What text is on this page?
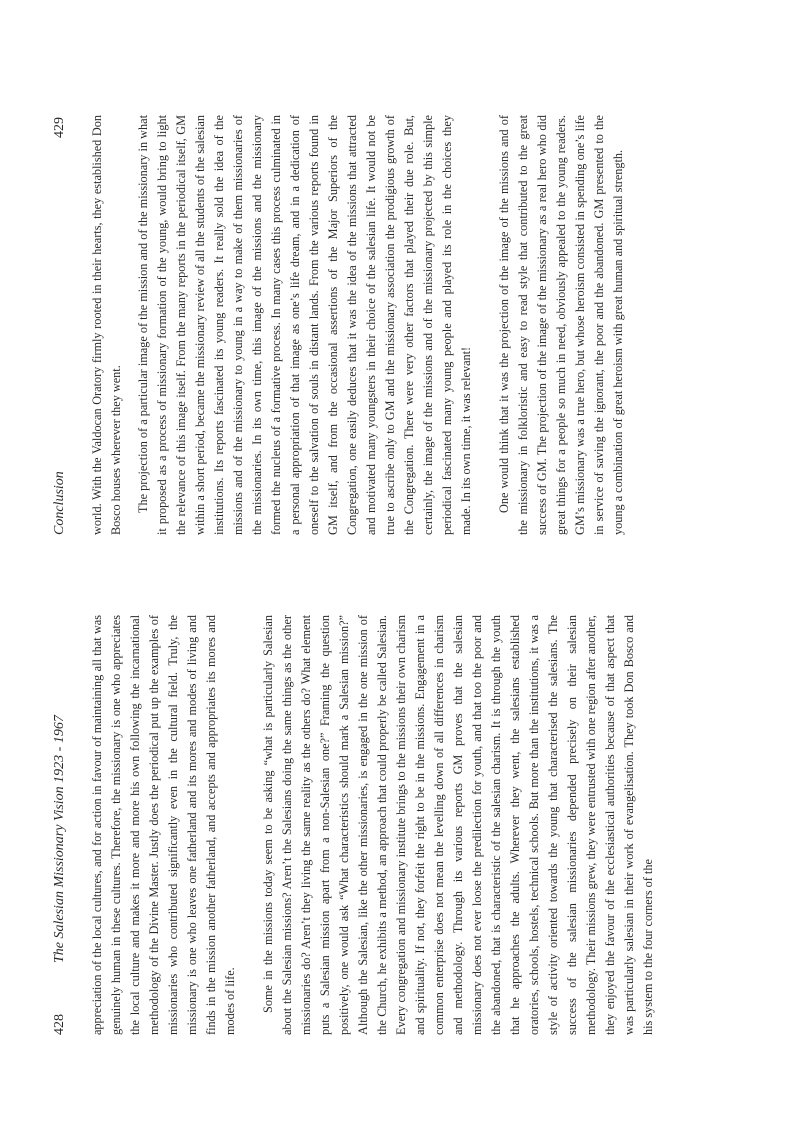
428
The Salesian Missionary Vision 1923 - 1967 appreciation of the local cultures, and for action in favour of maintaining all that was genuinely human in these cultures. Therefore, the missionary is one who appreciates the local culture and makes it more and more his own following the incarnational methodology of the Divine Master. Justly does the periodical put up the examples of missionaries who contributed significantly even in the cultural field. Truly, the missionary is one who leaves one fatherland and its mores and modes of living and finds in the mission another fatherland, and accepts and appropriates its mores and modes of life. Some in the missions today seem to be asking “what is particularly Salesian about the Salesian missions? Aren’t the Salesians doing the same things as the other missionaries do? Aren’t they living the same reality as the others do? What element puts a Salesian mission apart from a non-Salesian one?” Framing the question positively, one would ask “What characteristics should mark a Salesian mission?” Although the Salesian, like the other missionaries, is engaged in the one mission of the Church, he exhibits a method, an approach that could properly be called Salesian. Every congregation and missionary institute brings to the missions their own charism and spirituality. If not, they forfeit the right to be in the missions. Engagement in a common enterprise does not mean the levelling down of all differences in charism and methodology. Through its various reports GM proves that the salesian missionary does not ever loose the predilection for youth, and that too the poor and the abandoned, that is characteristic of the salesian charism. It is through the youth that he approaches the adults. Wherever they went, the salesians established oratories, schools, hostels, technical schools. But more than the institutions, it was a style of activity oriented towards the young that characterised the salesians. The success of the salesian missionaries depended precisely on their salesian methodology. Their missions grew, they were entrusted with one region after another, they enjoyed the favour of the ecclesiastical authorities because of that aspect that was particularly salesian in their work of evangelisation. They took Don Bosco and his system to the four corners of the

Conclusion
429 world. With the Valdocan Oratory firmly rooted in their hearts, they established Don Bosco houses wherever they went. The projection of a particular image of the mission and of the missionary in what it proposed as a process of missionary formation of the young, would bring to light the relevance of this image itself. From the many reports in the periodical itself, GM within a short period, became the missionary review of all the students of the salesian institutions. Its reports fascinated its young readers. It really sold the idea of the missions and of the missionary to young in a way to make of them missionaries of the missionaries. In its own time, this image of the missions and the missionary formed the nucleus of a formative process. In many cases this process culminated in a personal appropriation of that image as one’s life dream, and in a dedication of oneself to the salvation of souls in distant lands. From the various reports found in GM itself, and from the occasional assertions of the Major Superiors of the Congregation, one easily deduces that it was the idea of the missions that attracted and motivated many youngsters in their choice of the salesian life. It would not be true to ascribe only to GM and the missionary association the prodigious growth of the Congregation. There were very other factors that played their due role. But, certainly, the image of the missions and of the missionary projected by this simple periodical fascinated many young people and played its role in the choices they made. In its own time, it was relevant! One would think that it was the projection of the image of the missions and of the missionary in folkloristic and easy to read style that contributed to the great success of GM. The projection of the image of the missionary as a real hero who did great things for a people so much in need, obviously appealed to the young readers. GM’s missionary was a true hero, but whose heroism consisted in spending one’s life in service of saving the ignorant, the poor and the abandoned. GM presented to the young a combination of great heroism with great human and spiritual strength.
